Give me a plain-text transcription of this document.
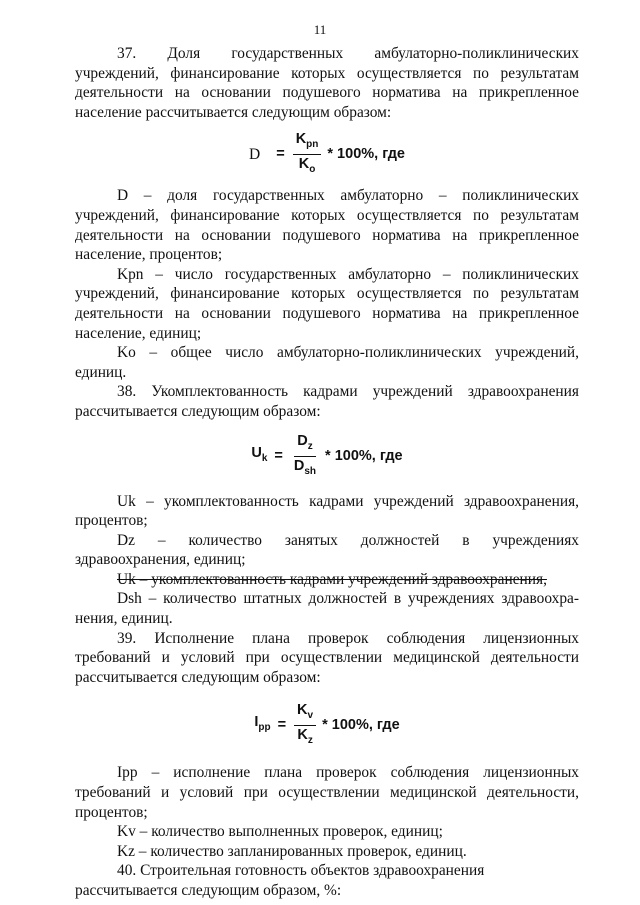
11

37. Доля государственных амбулаторно-поликлинических учреждений, финансирование которых осуществляется по результатам деятельности на основании подушевого норматива на прикрепленное население рассчитывается следующим образом:

$D = \frac{K_{pn}}{K_o} * 100\%$, где

D – доля государственных амбулаторно – поликлинических учреждений, финансирование которых осуществляется по результатам деятельности на основании подушевого норматива на прикрепленное население, процентов;

Kpn – число государственных амбулаторно – поликлинических учреждений, финансирование которых осуществляется по результатам деятельности на основании подушевого норматива на прикрепленное население, единиц;

Ko – общее число амбулаторно-поликлинических учреждений, единиц.

38. Укомплектованность кадрами учреждений здравоохранения рассчитывается следующим образом:

$U_k = \frac{D_z}{D_{sh}} * 100\%$, где

Uk – укомплектованность кадрами учреждений здравоохранения, процентов;

Dz – количество занятых должностей в учреждениях здравоохранения, единиц;

Uk – укомплектованность кадрами учреждений здравоохранения,

Dsh – количество штатных должностей в учреждениях здравоохра-нения, единиц.

39. Исполнение плана проверок соблюдения лицензионных требований и условий при осуществлении медицинской деятельности рассчитывается следующим образом:

$I_{pp} = \frac{K_v}{K_z} * 100\%$, где

Ipp – исполнение плана проверок соблюдения лицензионных требований и условий при осуществлении медицинской деятельности, процентов;

Kv – количество выполненных проверок, единиц;

Kz – количество запланированных проверок, единиц.

40. Строительная готовность объектов здравоохранения

рассчитывается следующим образом, %:
